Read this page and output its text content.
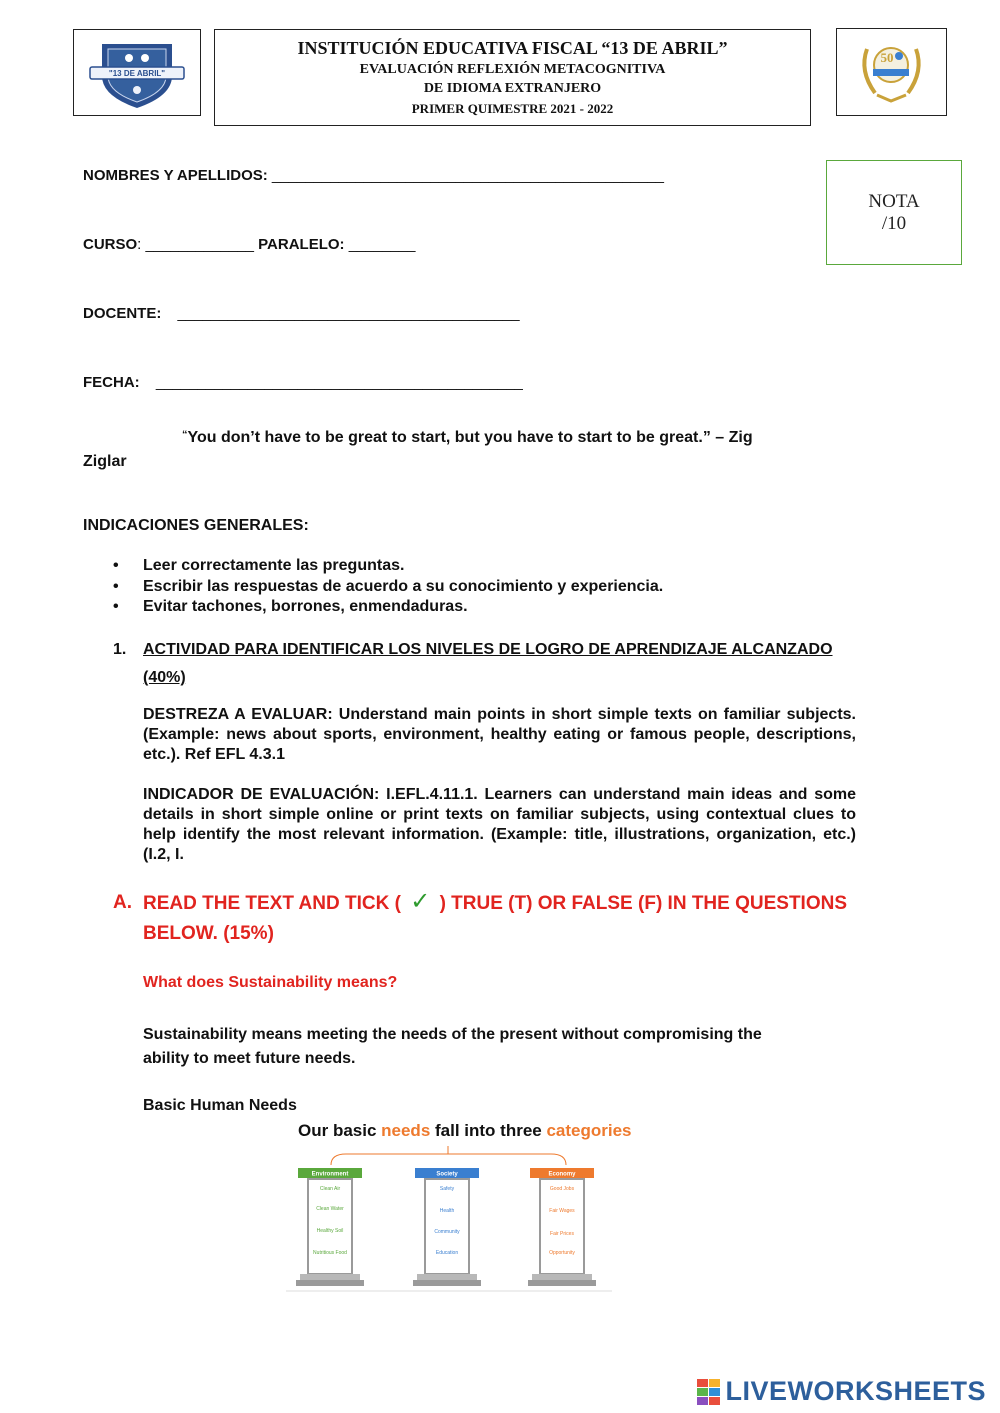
"13 DE ABRIL"
INSTITUCIÓN EDUCATIVA FISCAL “13 DE ABRIL”
EVALUACIÓN REFLEXIÓN METACOGNITIVA
DE IDIOMA EXTRANJERO
PRIMER QUIMESTRE 2021 - 2022
50
NOTA
/10
NOMBRES Y APELLIDOS: _______________________________________________
CURSO: _____________ PARALELO: ________
DOCENTE: _________________________________________
FECHA: ____________________________________________
“You don’t have to be great to start, but you have to start to be great.” – Zig
Ziglar
INDICACIONES GENERALES:
• Leer correctamente las preguntas.
• Escribir las respuestas de acuerdo a su conocimiento y experiencia.
• Evitar tachones, borrones, enmendaduras.
1. ACTIVIDAD PARA IDENTIFICAR LOS NIVELES DE LOGRO DE APRENDIZAJE ALCANZADO
(40%)
DESTREZA A EVALUAR: Understand main points in short simple texts on familiar subjects. (Example: news about sports, environment, healthy eating or famous people, descriptions, etc.). Ref EFL 4.3.1
INDICADOR DE EVALUACIÓN: I.EFL.4.11.1. Learners can understand main ideas and some details in short simple online or print texts on familiar subjects, using contextual clues to help identify the most relevant information. (Example: title, illustrations, organization, etc.) (I.2, I.
A. READ THE TEXT AND TICK ( ✓ ) TRUE (T) OR FALSE (F) IN THE QUESTIONS
BELOW. (15%)
What does Sustainability means?
Sustainability means meeting the needs of the present without compromising the
ability to meet future needs.
Basic Human Needs
Our basic needs fall into three categories
Environment
Clean Air
Clean Water
Healthy Soil
Nutritious Food
Society
Safety
Health
Community
Education
Economy
Good Jobs
Fair Wages
Fair Prices
Opportunity
LIVEWORKSHEETS
